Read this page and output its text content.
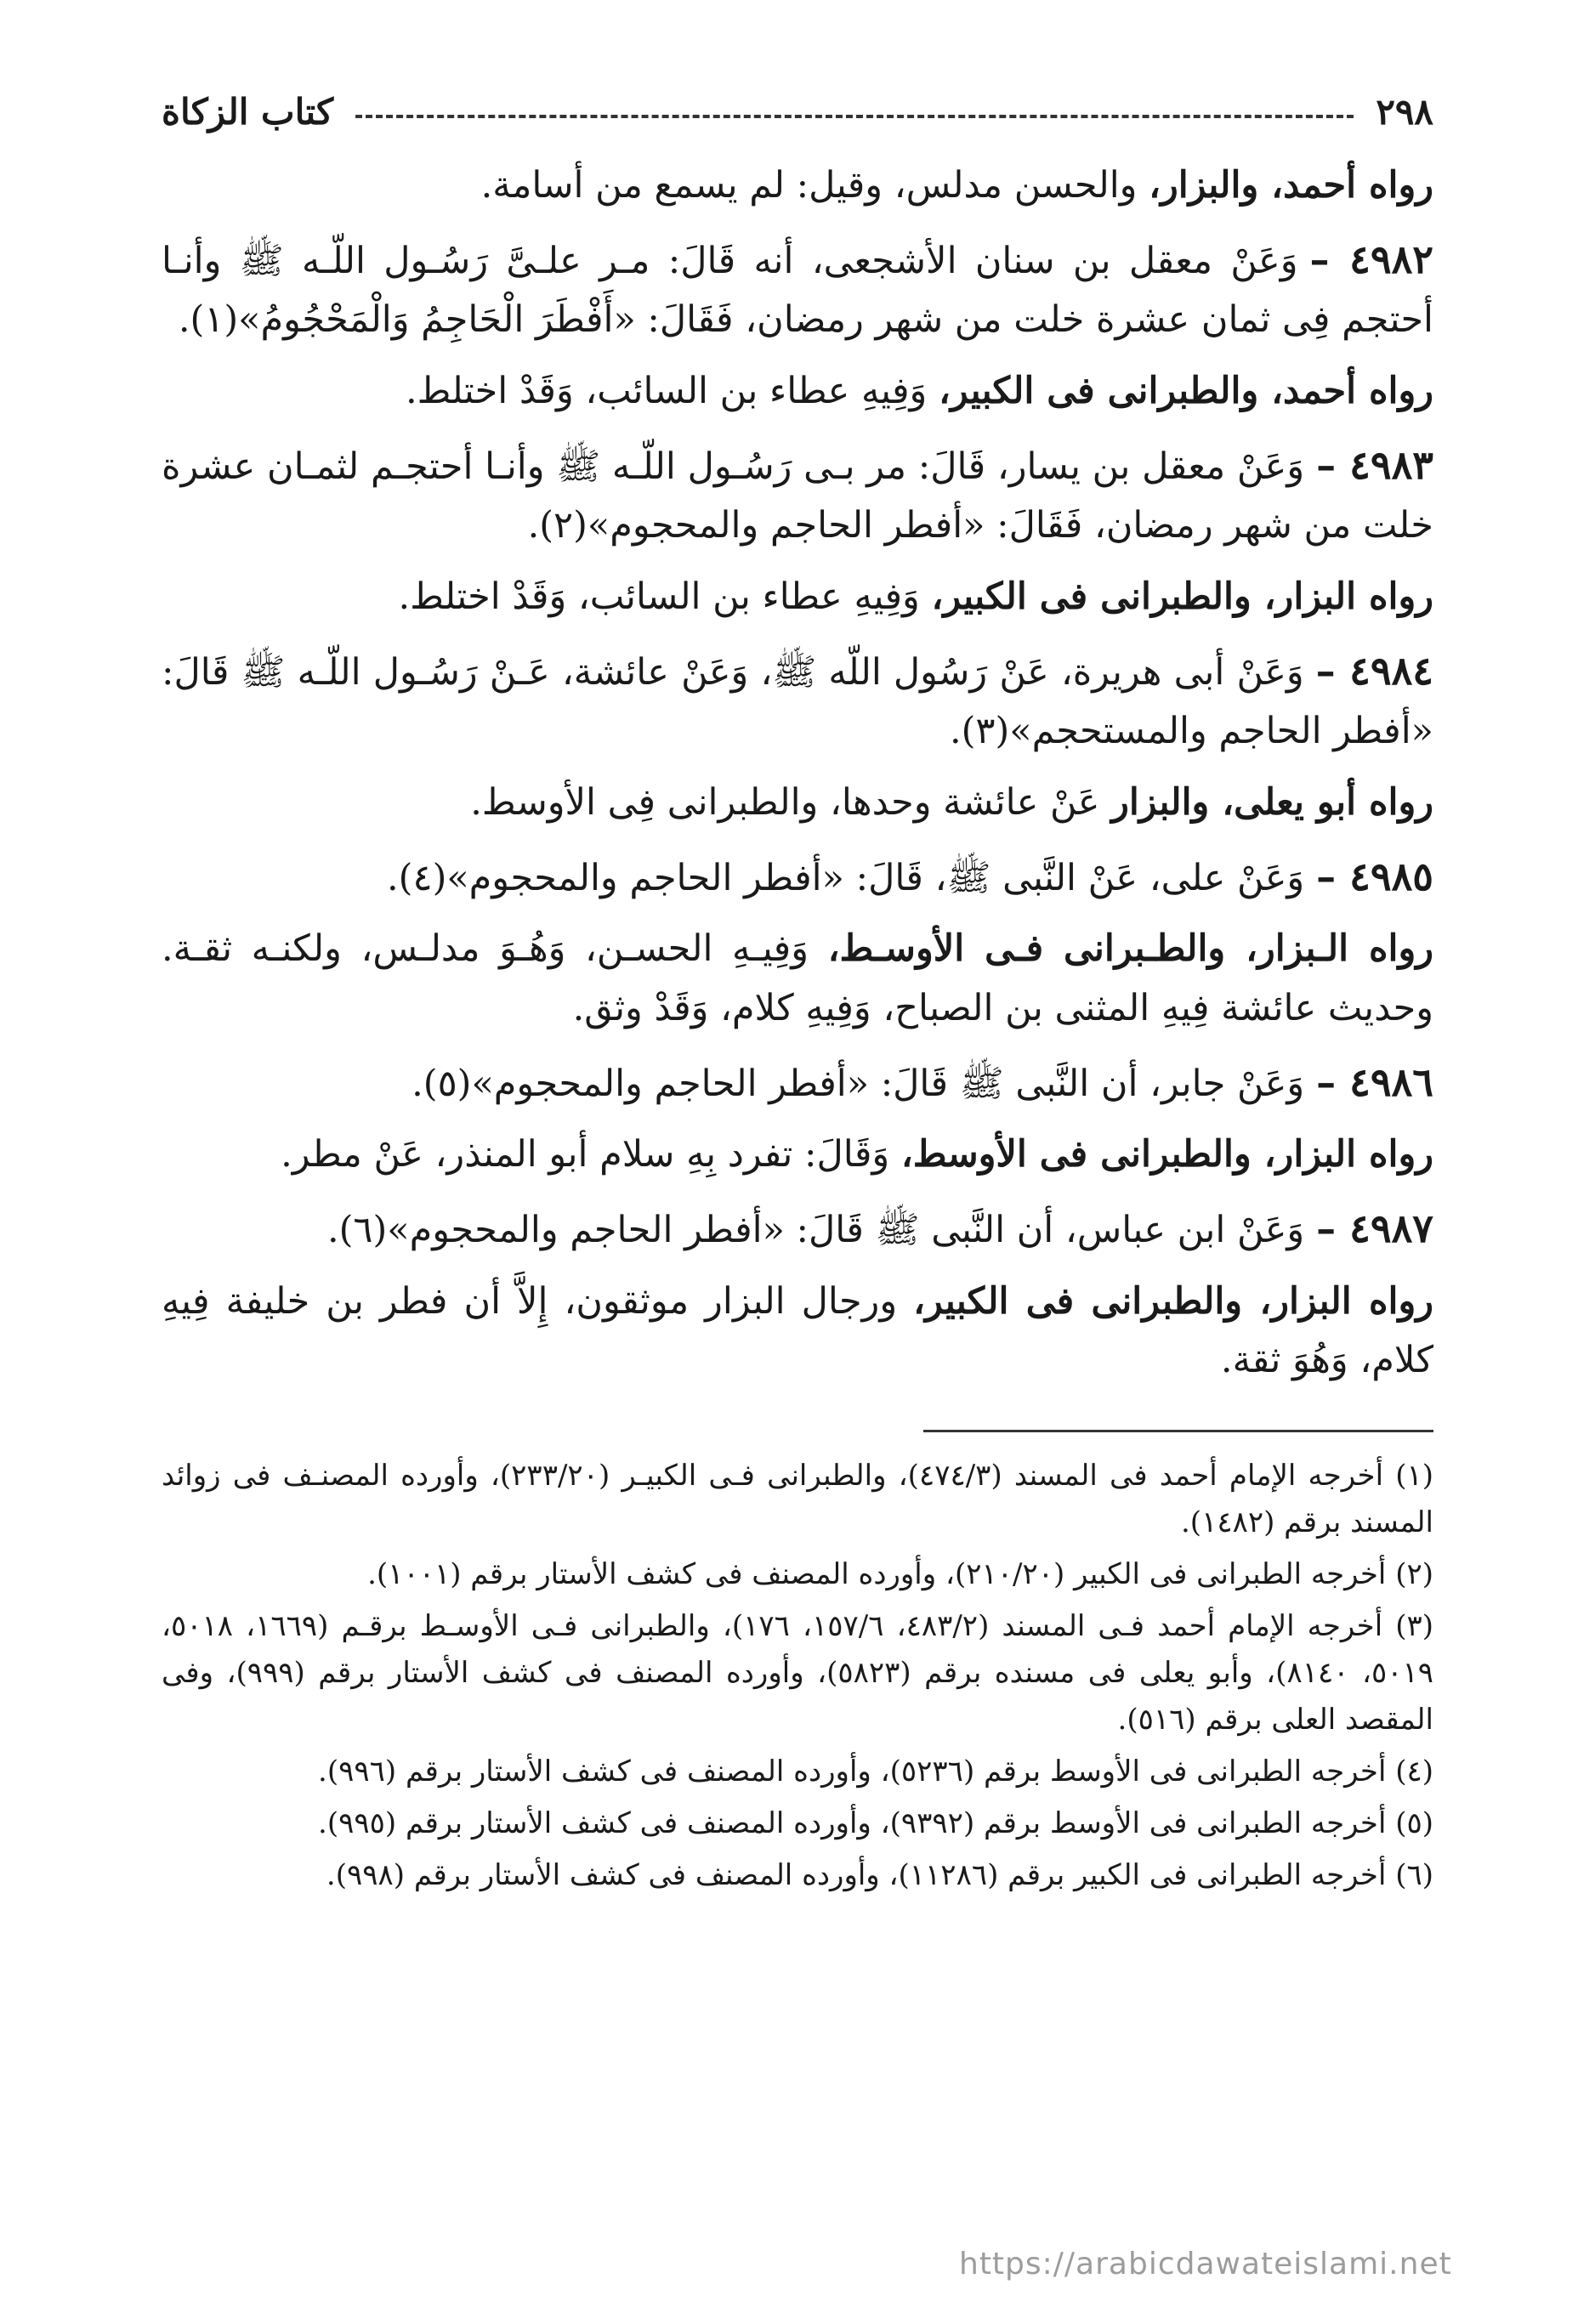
٢٩٨
كتاب الزكاة
رواه أحمد، والبزار، والحسن مدلس، وقيل: لم يسمع من أسامة.
٤٩٨٢ –وَعَنْ معقل بن سنان الأشجعى، أنه قَالَ: مـر علـىَّ رَسُـول اللّـه ﷺ وأنـا أحتجم فِى ثمان عشرة خلت من شهر رمضان، فَقَالَ: «أَفْطَرَ الْحَاجِمُ وَالْمَحْجُومُ»(١).
رواه أحمد، والطبرانى فى الكبير، وَفِيهِ عطاء بن السائب، وَقَدْ اختلط.
٤٩٨٣ –وَعَنْ معقل بن يسار، قَالَ: مر بـى رَسُـول اللّـه ﷺ وأنـا أحتجـم لثمـان عشرة خلت من شهر رمضان، فَقَالَ: «أفطر الحاجم والمحجوم»(٢).
رواه البزار، والطبرانى فى الكبير، وَفِيهِ عطاء بن السائب، وَقَدْ اختلط.
٤٩٨٤ –وَعَنْ أبى هريرة، عَنْ رَسُول اللّه ﷺ، وَعَنْ عائشة، عَـنْ رَسُـول اللّـه ﷺ قَالَ: «أفطر الحاجم والمستحجم»(٣).
رواه أبو يعلى، والبزار عَنْ عائشة وحدها، والطبرانى فِى الأوسط.
٤٩٨٥ –وَعَنْ على، عَنْ النَّبى ﷺ، قَالَ: «أفطر الحاجم والمحجوم»(٤).
رواه الـبزار، والطـبرانى فـى الأوسـط، وَفِيـهِ الحسـن، وَهُـوَ مدلـس، ولكنـه ثقـة. وحديث عائشة فِيهِ المثنى بن الصباح، وَفِيهِ كلام، وَقَدْ وثق.
٤٩٨٦ –وَعَنْ جابر، أن النَّبى ﷺ قَالَ: «أفطر الحاجم والمحجوم»(٥).
رواه البزار، والطبرانى فى الأوسط، وَقَالَ: تفرد بِهِ سلام أبو المنذر، عَنْ مطر.
٤٩٨٧ –وَعَنْ ابن عباس، أن النَّبى ﷺ قَالَ: «أفطر الحاجم والمحجوم»(٦).
رواه البزار، والطبرانى فى الكبير، ورجال البزار موثقون، إِلاَّ أن فطر بن خليفة فِيهِ كلام، وَهُوَ ثقة.
(١) أخرجه الإمام أحمد فى المسند (٤٧٤/٣)، والطبرانى فـى الكبيـر (٢٣٣/٢٠)، وأورده المصنـف فى زوائد المسند برقم (١٤٨٢).
(٢) أخرجه الطبرانى فى الكبير (٢١٠/٢٠)، وأورده المصنف فى كشف الأستار برقم (١٠٠١).
(٣) أخرجه الإمام أحمد فـى المسند (٤٨٣/٢، ١٥٧/٦، ١٧٦)، والطبرانى فـى الأوسـط برقـم (١٦٦٩، ٥٠١٨، ٥٠١٩، ٨١٤٠)، وأبو يعلى فى مسنده برقم (٥٨٢٣)، وأورده المصنف فى كشف الأستار برقم (٩٩٩)، وفى المقصد العلى برقم (٥١٦).
(٤) أخرجه الطبرانى فى الأوسط برقم (٥٢٣٦)، وأورده المصنف فى كشف الأستار برقم (٩٩٦).
(٥) أخرجه الطبرانى فى الأوسط برقم (٩٣٩٢)، وأورده المصنف فى كشف الأستار برقم (٩٩٥).
(٦) أخرجه الطبرانى فى الكبير برقم (١١٢٨٦)، وأورده المصنف فى كشف الأستار برقم (٩٩٨).
https://arabicdawateislami.net
